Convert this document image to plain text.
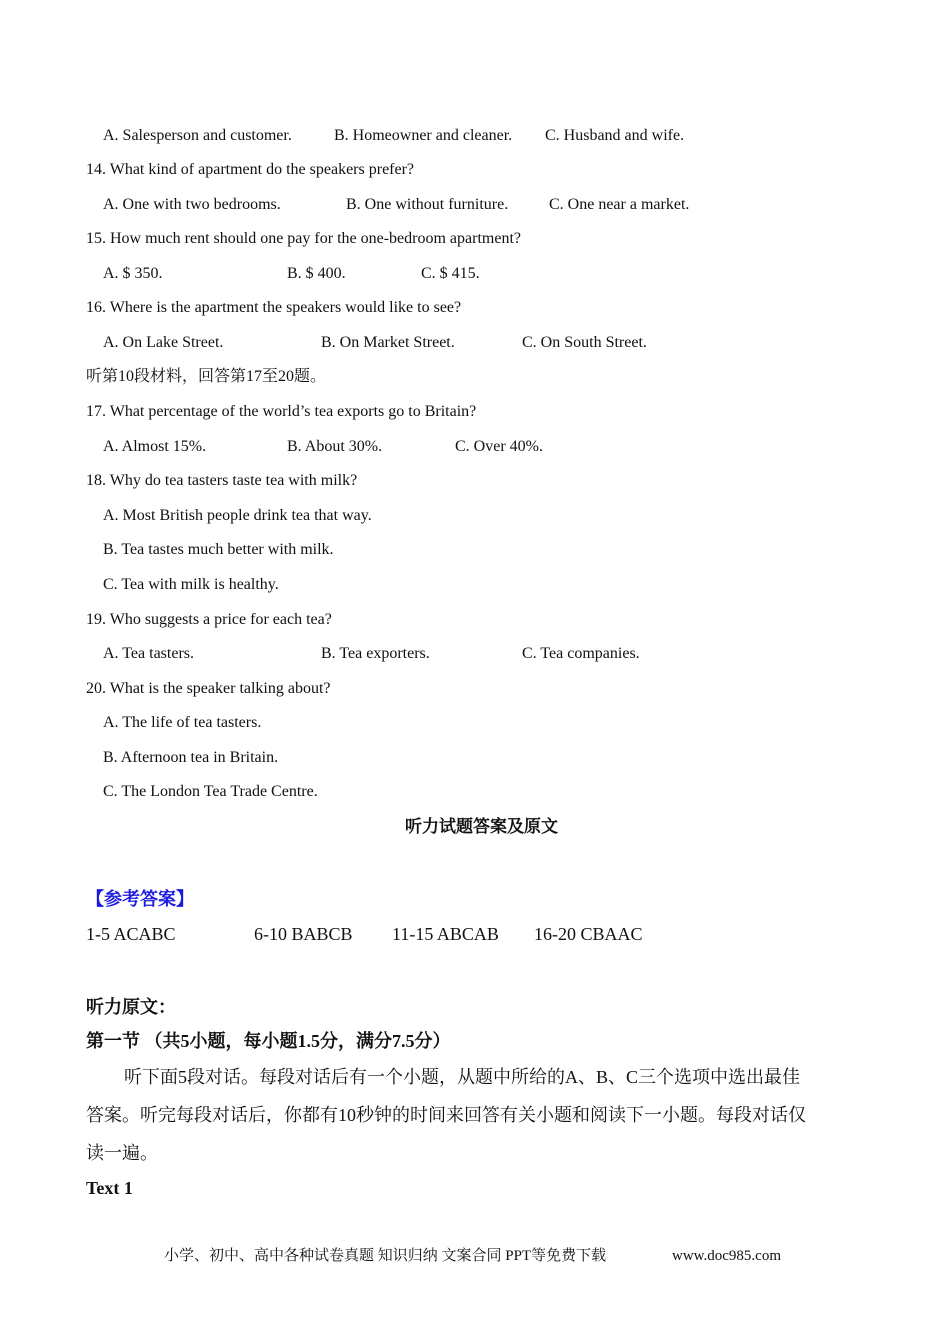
A. Salesperson and customer.	B. Homeowner and cleaner. C. Husband and wife.
14. What kind of apartment do the speakers prefer?
A. One with two bedrooms.	B. One without furniture.	C. One near a market.
15. How much rent should one pay for the one-bedroom apartment?
A. $ 350.	B. $ 400.	C. $ 415.
16. Where is the apartment the speakers would like to see?
A. On Lake Street.	B. On Market Street.	C. On South Street.
听第10段材料，回答第17至20题。
17. What percentage of the world’s tea exports go to Britain?
A. Almost 15%.	B. About 30%.	C. Over 40%.
18. Why do tea tasters taste tea with milk?
A. Most British people drink tea that way.
B. Tea tastes much better with milk.
C. Tea with milk is healthy.
19. Who suggests a price for each tea?
A. Tea tasters.	B. Tea exporters.	C. Tea companies.
20. What is the speaker talking about?
A. The life of tea tasters.
B. Afternoon tea in Britain.
C. The London Tea Trade Centre.
听力试题答案及原文
【参考答案】
1-5 ACABC	6-10 BABCB 11-15 ABCAB 16-20 CBAAC
听力原文：
第一节 （共5小题，每小题1.5分，满分7.5分）
听下面5段对话。每段对话后有一个小题，从题中所给的A、B、C三个选项中选出最佳
答案。听完每段对话后，你都有10秒钟的时间来回答有关小题和阅读下一小题。每段对话仅
读一遍。
Text 1
小学、初中、高中各种试卷真题 知识归纳 文案合同 PPT等免费下载	www.doc985.com
